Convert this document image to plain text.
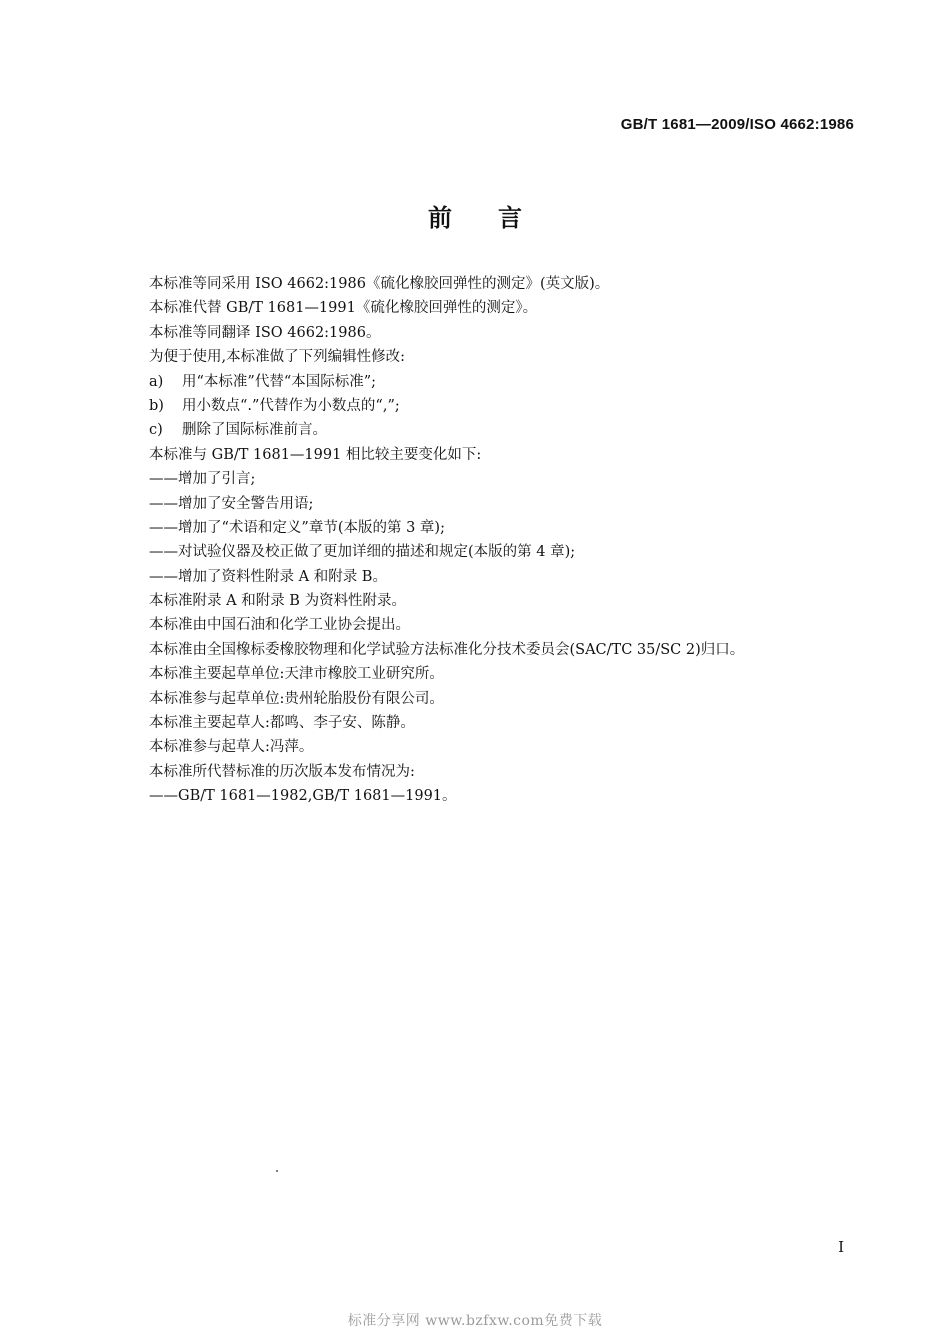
GB/T 1681—2009/ISO 4662:1986
前言
本标准等同采用 ISO 4662:1986《硫化橡胶回弹性的测定》(英文版)。
本标准代替 GB/T 1681—1991《硫化橡胶回弹性的测定》。
本标准等同翻译 ISO 4662:1986。
为便于使用,本标准做了下列编辑性修改:
a)	用“本标准”代替“本国际标准”;
b)	用小数点“.”代替作为小数点的“,”;
c)	删除了国际标准前言。
本标准与 GB/T 1681—1991 相比较主要变化如下:
——增加了引言;
——增加了安全警告用语;
——增加了“术语和定义”章节(本版的第 3 章);
——对试验仪器及校正做了更加详细的描述和规定(本版的第 4 章);
——增加了资料性附录 A 和附录 B。
本标准附录 A 和附录 B 为资料性附录。
本标准由中国石油和化学工业协会提出。
本标准由全国橡标委橡胶物理和化学试验方法标准化分技术委员会(SAC/TC 35/SC 2)归口。
本标准主要起草单位:天津市橡胶工业研究所。
本标准参与起草单位:贵州轮胎股份有限公司。
本标准主要起草人:都鸣、李子安、陈静。
本标准参与起草人:冯萍。
本标准所代替标准的历次版本发布情况为:
——GB/T 1681—1982,GB/T 1681—1991。
I
标准分享网 www.bzfxw.com免费下载
